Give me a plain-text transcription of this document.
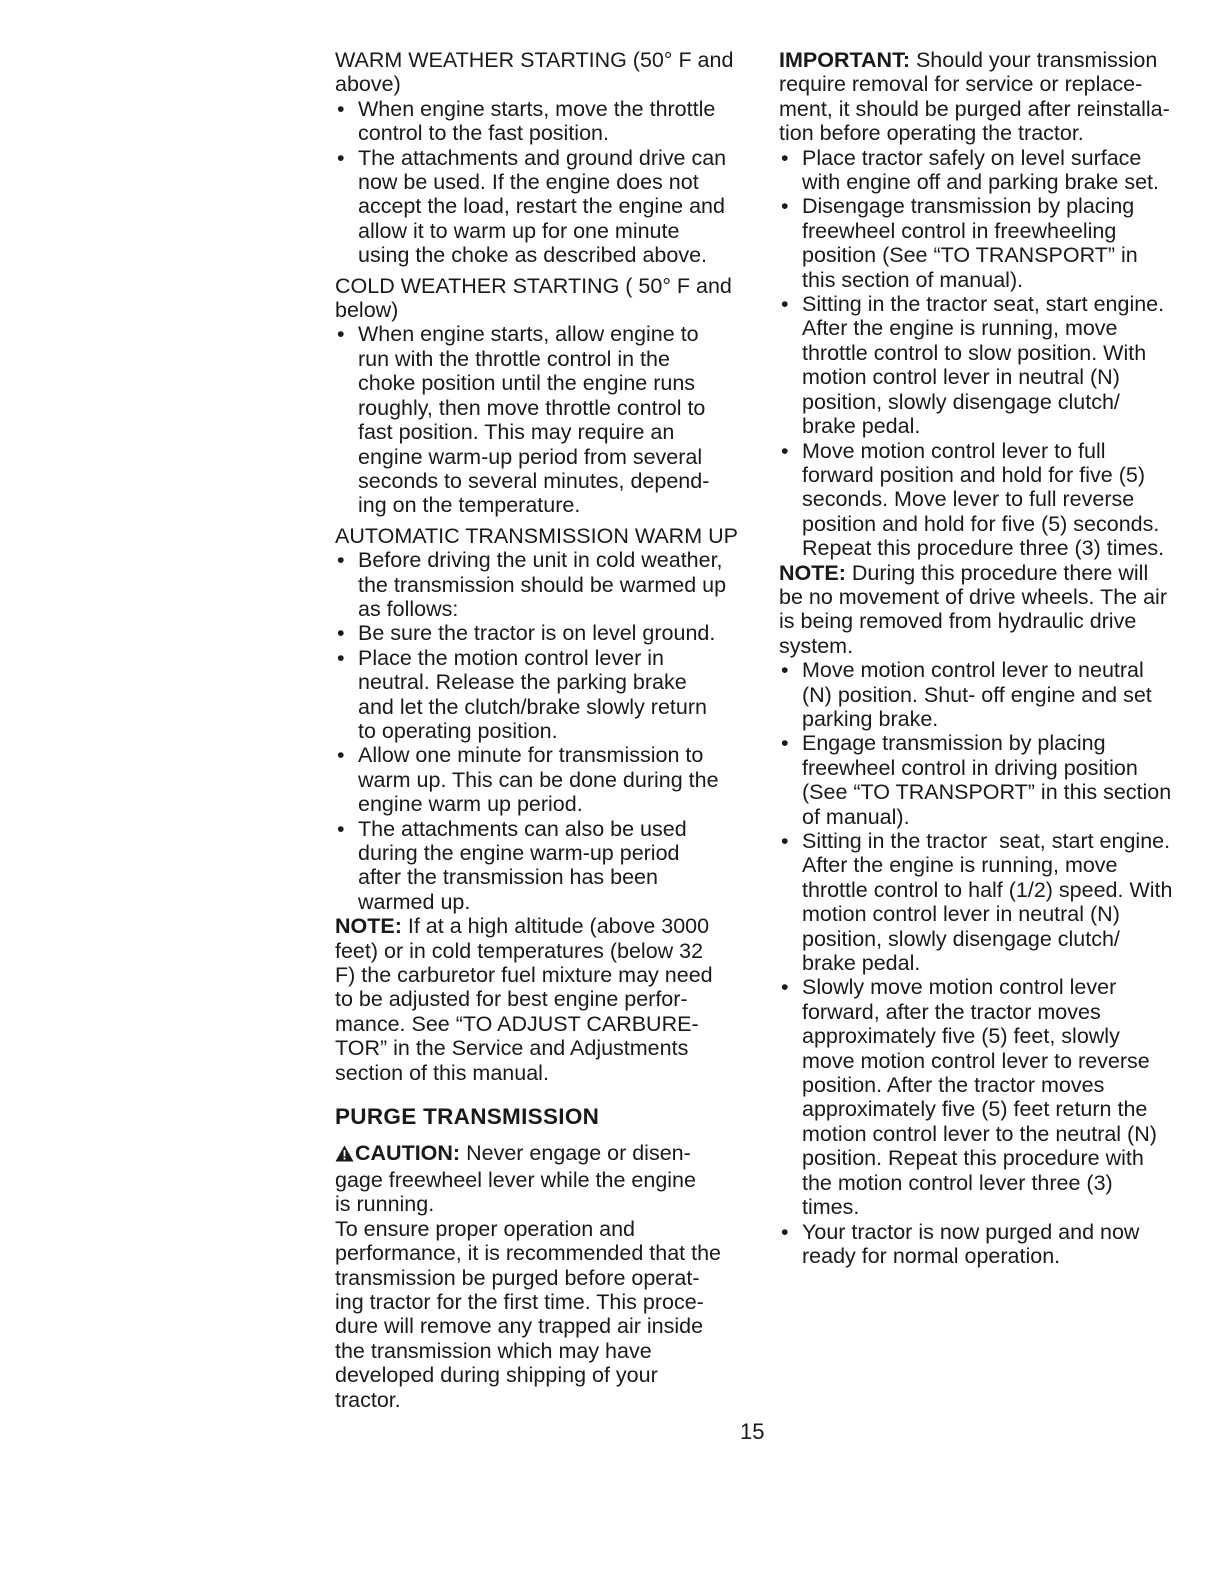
WARM WEATHER STARTING (50° F and
above)
• When engine starts, move the throttle
control to the fast position.
• The attachments and ground drive can
now be used. If the engine does not
accept the load, restart the engine and
allow it to warm up for one minute
using the choke as described above.
COLD WEATHER STARTING ( 50° F and
below)
• When engine starts, allow engine to
run with the throttle control in the
choke position until the engine runs
roughly, then move throttle control to
fast position. This may require an
engine warm-up period from several
seconds to several minutes, depend-
ing on the temperature.
AUTOMATIC TRANSMISSION WARM UP
• Before driving the unit in cold weather,
the transmission should be warmed up
as follows:
• Be sure the tractor is on level ground.
• Place the motion control lever in
neutral. Release the parking brake
and let the clutch/brake slowly return
to operating position.
• Allow one minute for transmission to
warm up. This can be done during the
engine warm up period.
• The attachments can also be used
during the engine warm-up period
after the transmission has been
warmed up.
NOTE: If at a high altitude (above 3000
feet) or in cold temperatures (below 32
F) the carburetor fuel mixture may need
to be adjusted for best engine perfor-
mance. See “TO ADJUST CARBURE-
TOR” in the Service and Adjustments
section of this manual.
PURGE TRANSMISSION
CAUTION: Never engage or disen-
gage freewheel lever while the engine
is running.
To ensure proper operation and
performance, it is recommended that the
transmission be purged before operat-
ing tractor for the first time. This proce-
dure will remove any trapped air inside
the transmission which may have
developed during shipping of your
tractor.
IMPORTANT: Should your transmission
require removal for service or replace-
ment, it should be purged after reinstalla-
tion before operating the tractor.
• Place tractor safely on level surface
with engine off and parking brake set.
• Disengage transmission by placing
freewheel control in freewheeling
position (See “TO TRANSPORT” in
this section of manual).
• Sitting in the tractor seat, start engine.
After the engine is running, move
throttle control to slow position. With
motion control lever in neutral (N)
position, slowly disengage clutch/
brake pedal.
• Move motion control lever to full
forward position and hold for five (5)
seconds. Move lever to full reverse
position and hold for five (5) seconds.
Repeat this procedure three (3) times.
NOTE: During this procedure there will
be no movement of drive wheels. The air
is being removed from hydraulic drive
system.
• Move motion control lever to neutral
(N) position. Shut- off engine and set
parking brake.
• Engage transmission by placing
freewheel control in driving position
(See “TO TRANSPORT” in this section
of manual).
• Sitting in the tractor  seat, start engine.
After the engine is running, move
throttle control to half (1/2) speed. With
motion control lever in neutral (N)
position, slowly disengage clutch/
brake pedal.
• Slowly move motion control lever
forward, after the tractor moves
approximately five (5) feet, slowly
move motion control lever to reverse
position. After the tractor moves
approximately five (5) feet return the
motion control lever to the neutral (N)
position. Repeat this procedure with
the motion control lever three (3)
times.
• Your tractor is now purged and now
ready for normal operation.
15
